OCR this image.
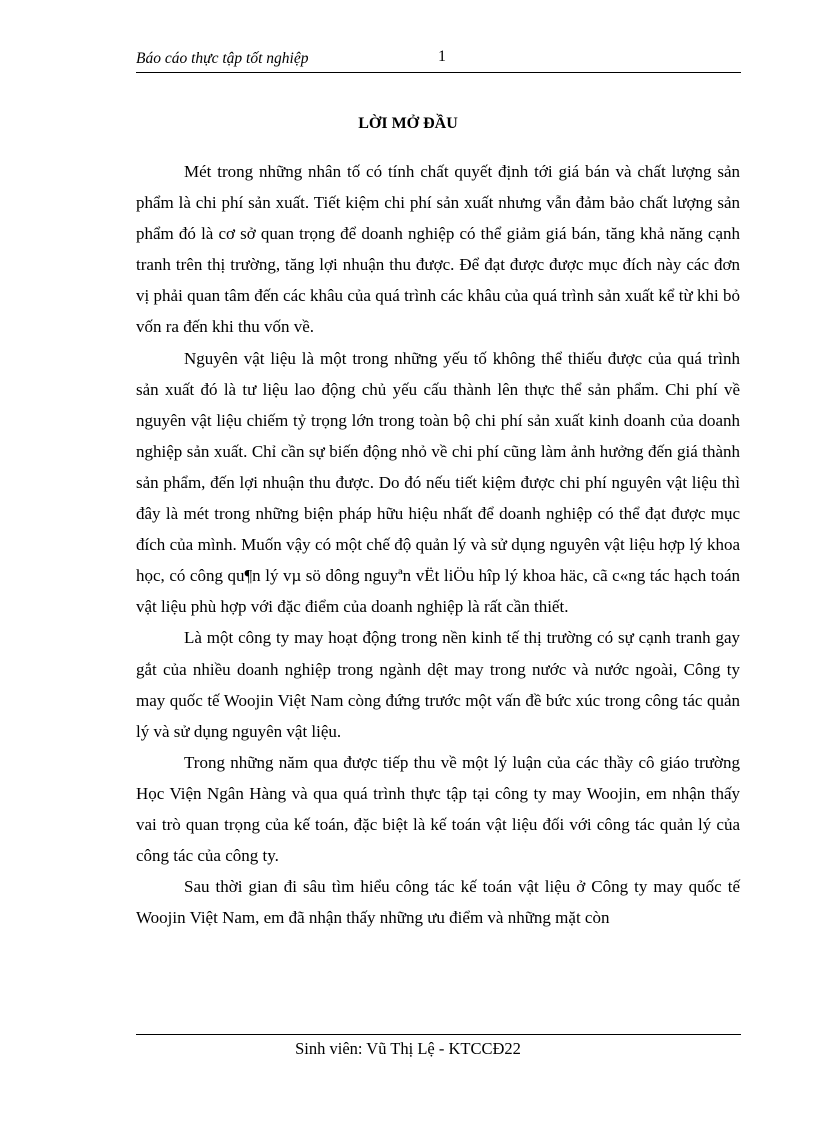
Báo cáo thực tập tốt nghiệp	1
LỜI MỞ ĐẦU

Mét trong những nhân tố có tính chất quyết định tới giá bán và chất lượng sản phẩm là chi phí sản xuất. Tiết kiệm chi phí sản xuất nhưng vẫn đảm bảo chất lượng sản phẩm đó là cơ sở quan trọng để doanh nghiệp có thể giảm giá bán, tăng khả năng cạnh tranh trên thị trường, tăng lợi nhuận thu được. Để đạt được được mục đích này các đơn vị phải quan tâm đến các khâu của quá trình các khâu của quá trình sản xuất kể từ khi bỏ vốn ra đến khi thu vốn về.

Nguyên vật liệu là một trong những yếu tố không thể thiếu được của quá trình sản xuất đó là tư liệu lao động chủ yếu cấu thành lên thực thể sản phẩm. Chi phí về nguyên vật liệu chiếm tỷ trọng lớn trong toàn bộ chi phí sản xuất kinh doanh của doanh nghiệp sản xuất. Chỉ cần sự biến động nhỏ về chi phí cũng làm ảnh hưởng đến giá thành sản phẩm, đến lợi nhuận thu được. Do đó nếu tiết kiệm được chi phí nguyên vật liệu thì đây là mét trong những biện pháp hữu hiệu nhất để doanh nghiệp có thể đạt được mục đích của mình. Muốn vậy có một chế độ quản lý và sử dụng nguyên vật liệu hợp lý khoa học, có công qu¶n lý vµ sö dông nguyªn vËt liÖu hîp lý khoa häc, cã c«ng tác hạch toán vật liệu phù hợp với đặc điểm của doanh nghiệp là rất cần thiết.

Là một công ty may hoạt động trong nền kinh tế thị trường có sự cạnh tranh gay gắt của nhiều doanh nghiệp trong ngành dệt may trong nước và nước ngoài, Công ty may quốc tế Woojin Việt Nam còng đứng trước một vấn đề bức xúc trong công tác quản lý và sử dụng nguyên vật liệu.

Trong những năm qua được tiếp thu về một lý luận của các thầy cô giáo trường Học Viện Ngân Hàng và qua quá trình thực tập tại công ty may Woojin, em nhận thấy vai trò quan trọng của kế toán, đặc biệt là kế toán vật liệu đối với công tác quản lý của công tác của công ty.

Sau thời gian đi sâu tìm hiểu công tác kế toán vật liệu ở Công ty may quốc tế Woojin Việt Nam, em đã nhận thấy những ưu điểm và những mặt còn

Sinh viên: Vũ Thị Lệ - KTCCĐ22
